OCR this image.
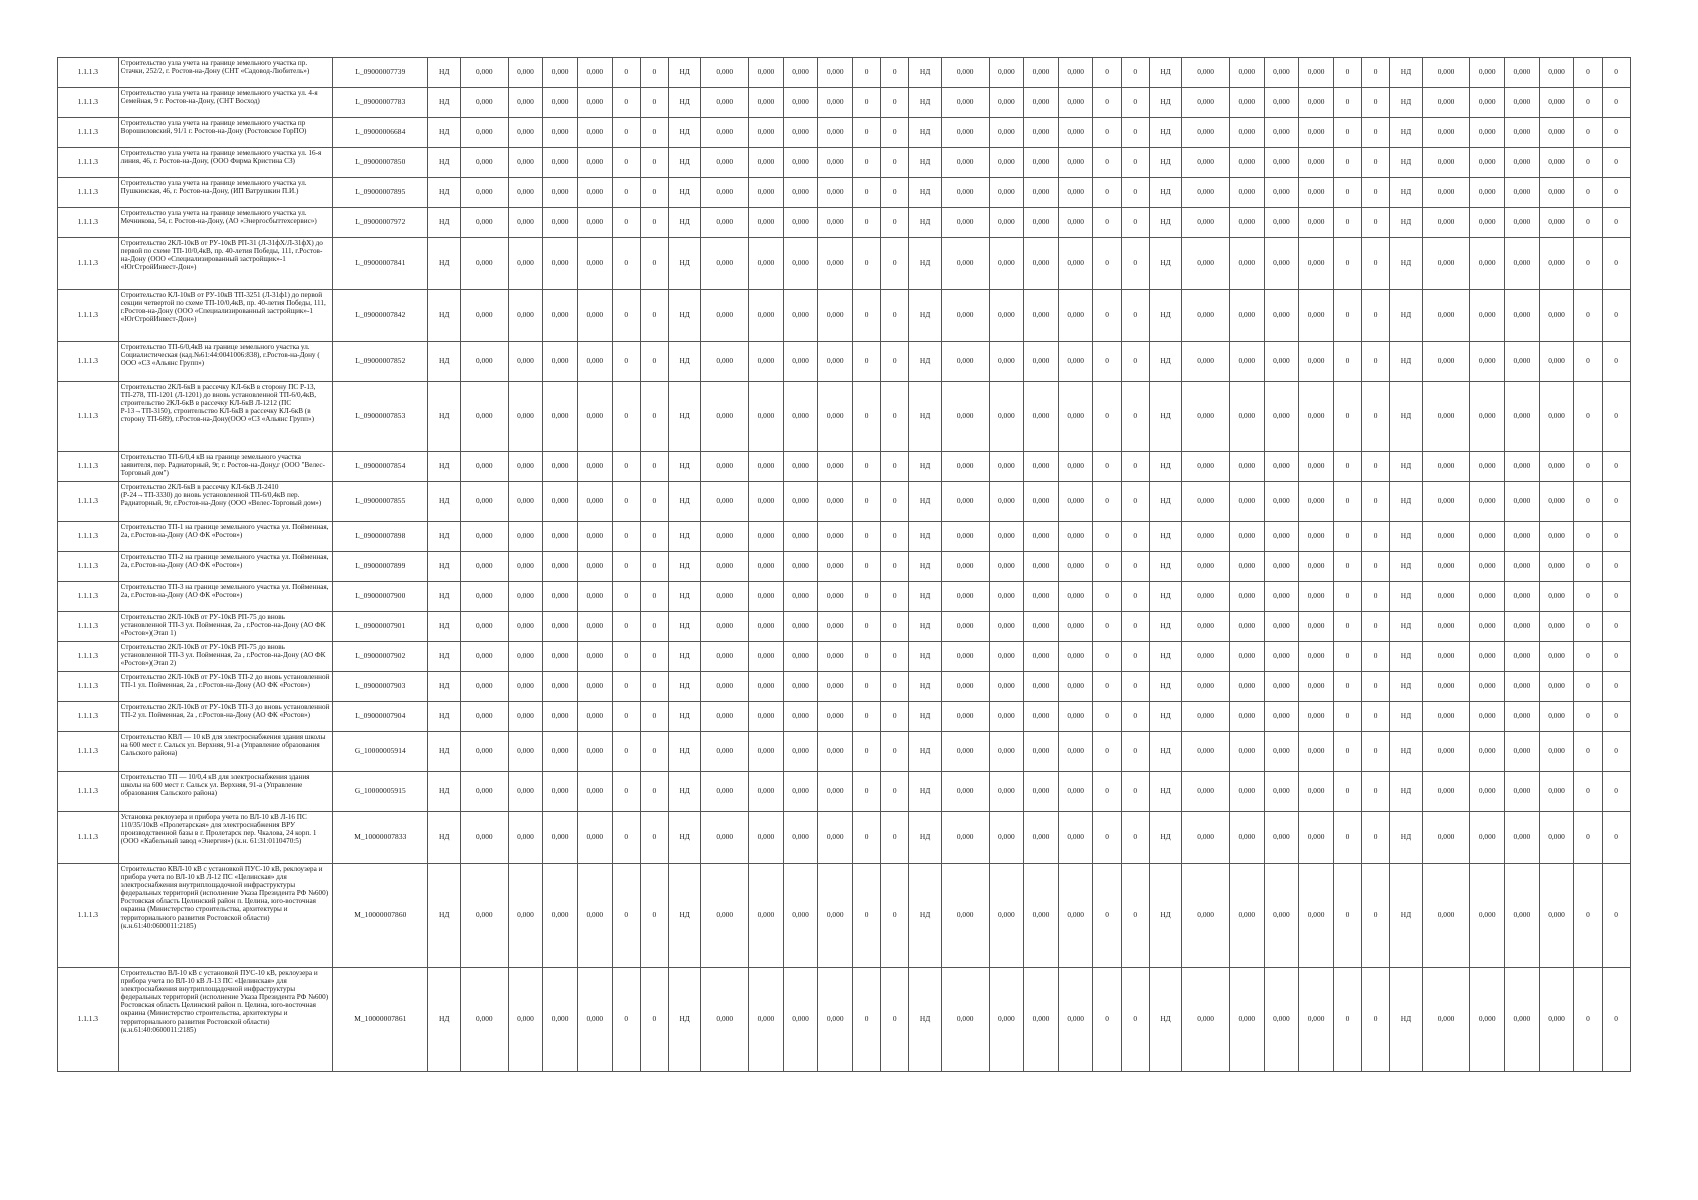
1.1.1.3	Строительство узла учета на границе земельного участка пр. Стачки, 252/2, г. Ростов-на-Дону (СНТ «Садовод-Любитель»)	L_09000007739	НД	0,000	0,000	0,000	0,000	0	0	НД	0,000	0,000	0,000	0,000	0	0	НД	0,000	0,000	0,000	0,000	0	0	НД	0,000	0,000	0,000	0,000	0	0	НД	0,000	0,000	0,000	0,000	0	0
1.1.1.3	Строительство узла учета на границе земельного участка ул. 4-я Семейная, 9 г. Ростов-на-Дону, (СНТ Восход)	L_09000007783	НД	0,000	0,000	0,000	0,000	0	0	НД	0,000	0,000	0,000	0,000	0	0	НД	0,000	0,000	0,000	0,000	0	0	НД	0,000	0,000	0,000	0,000	0	0	НД	0,000	0,000	0,000	0,000	0	0
1.1.1.3	Строительство узла учета на границе земельного участка пр Ворошиловский, 91/1 г. Ростов-на-Дону (Ростовское ГорПО)	L_09000006684	НД	0,000	0,000	0,000	0,000	0	0	НД	0,000	0,000	0,000	0,000	0	0	НД	0,000	0,000	0,000	0,000	0	0	НД	0,000	0,000	0,000	0,000	0	0	НД	0,000	0,000	0,000	0,000	0	0
1.1.1.3	Строительство узла учета на границе земельного участка ул. 16-я линия, 46, г. Ростов-на-Дону, (ООО Фирма Кристина СЗ)	L_09000007850	НД	0,000	0,000	0,000	0,000	0	0	НД	0,000	0,000	0,000	0,000	0	0	НД	0,000	0,000	0,000	0,000	0	0	НД	0,000	0,000	0,000	0,000	0	0	НД	0,000	0,000	0,000	0,000	0	0
1.1.1.3	Строительство узла учета на границе земельного участка ул. Пушкинская, 46, г. Ростов-на-Дону, (ИП Ватрушкин П.И.)	L_09000007895	НД	0,000	0,000	0,000	0,000	0	0	НД	0,000	0,000	0,000	0,000	0	0	НД	0,000	0,000	0,000	0,000	0	0	НД	0,000	0,000	0,000	0,000	0	0	НД	0,000	0,000	0,000	0,000	0	0
1.1.1.3	Строительство узла учета на границе земельного участка ул. Мечникова, 54, г. Ростов-на-Дону, (АО «Энергосбыттехсервис»)	L_09000007972	НД	0,000	0,000	0,000	0,000	0	0	НД	0,000	0,000	0,000	0,000	0	0	НД	0,000	0,000	0,000	0,000	0	0	НД	0,000	0,000	0,000	0,000	0	0	НД	0,000	0,000	0,000	0,000	0	0
1.1.1.3	Строительство 2КЛ-10кВ от РУ-10кВ РП-31 (Л-31фХ/Л-31фХ) до первой по схеме ТП-10/0,4кВ, пр. 40-летия Победы, 111, г.Ростов-на-Дону (ООО «Специализированный застройщик»-1 «ЮгСтройИнвест-Дон»)	L_09000007841	НД	0,000	0,000	0,000	0,000	0	0	НД	0,000	0,000	0,000	0,000	0	0	НД	0,000	0,000	0,000	0,000	0	0	НД	0,000	0,000	0,000	0,000	0	0	НД	0,000	0,000	0,000	0,000	0	0
1.1.1.3	Строительство КЛ-10кВ от РУ-10кВ ТП-3251 (Л-31ф1) до первой секции четвертой по схеме ТП-10/0,4кВ, пр. 40-летия Победы, 111, г.Ростов-на-Дону (ООО «Специализированный застройщик»-1 «ЮгСтройИнвест-Дон»)	L_09000007842	НД	0,000	0,000	0,000	0,000	0	0	НД	0,000	0,000	0,000	0,000	0	0	НД	0,000	0,000	0,000	0,000	0	0	НД	0,000	0,000	0,000	0,000	0	0	НД	0,000	0,000	0,000	0,000	0	0
1.1.1.3	Строительство ТП-6/0,4кВ на границе земельного участка ул. Социалистическая (кад.№61:44:0041006:838), г.Ростов-на-Дону ( ООО «СЗ «Альянс Групп»)	L_09000007852	НД	0,000	0,000	0,000	0,000	0	0	НД	0,000	0,000	0,000	0,000	0	0	НД	0,000	0,000	0,000	0,000	0	0	НД	0,000	0,000	0,000	0,000	0	0	НД	0,000	0,000	0,000	0,000	0	0
1.1.1.3	Строительство 2КЛ-6кВ в рассечку КЛ-6кВ в сторону ПС Р-13, ТП-278, ТП-1201 (Л-1201) до вновь установленной ТП-6/0,4кВ, строительство 2КЛ-6кВ в рассечку КЛ-6кВ Л-1212 (ПС Р-13→ТП-3150), строительство КЛ-6кВ в рассечку КЛ-6кВ (в сторону ТП-689), г.Ростов-на-Дону(ООО «СЗ «Альянс Групп»)	L_09000007853	НД	0,000	0,000	0,000	0,000	0	0	НД	0,000	0,000	0,000	0,000	0	0	НД	0,000	0,000	0,000	0,000	0	0	НД	0,000	0,000	0,000	0,000	0	0	НД	0,000	0,000	0,000	0,000	0	0
1.1.1.3	Строительство ТП-6/0,4 кВ на границе земельного участка заявителя, пер. Радиаторный, 9г, г. Ростов-на-Дону,г (ООО "Велес-Торговый дом")	L_09000007854	НД	0,000	0,000	0,000	0,000	0	0	НД	0,000	0,000	0,000	0,000	0	0	НД	0,000	0,000	0,000	0,000	0	0	НД	0,000	0,000	0,000	0,000	0	0	НД	0,000	0,000	0,000	0,000	0	0
1.1.1.3	Строительство 2КЛ-6кВ в рассечку КЛ-6кВ Л-2410 (Р-24→ТП-3330) до вновь установленной ТП-6/0,4кВ пер. Радиаторный, 9г, г.Ростов-на-Дону (ООО «Велес-Торговый дом»)	L_09000007855	НД	0,000	0,000	0,000	0,000	0	0	НД	0,000	0,000	0,000	0,000	0	0	НД	0,000	0,000	0,000	0,000	0	0	НД	0,000	0,000	0,000	0,000	0	0	НД	0,000	0,000	0,000	0,000	0	0
1.1.1.3	Строительство ТП-1 на границе земельного участка ул. Пойменная, 2а, г.Ростов-на-Дону (АО ФК «Ростов»)	L_09000007898	НД	0,000	0,000	0,000	0,000	0	0	НД	0,000	0,000	0,000	0,000	0	0	НД	0,000	0,000	0,000	0,000	0	0	НД	0,000	0,000	0,000	0,000	0	0	НД	0,000	0,000	0,000	0,000	0	0
1.1.1.3	Строительство ТП-2 на границе земельного участка ул. Пойменная, 2а, г.Ростов-на-Дону (АО ФК «Ростов»)	L_09000007899	НД	0,000	0,000	0,000	0,000	0	0	НД	0,000	0,000	0,000	0,000	0	0	НД	0,000	0,000	0,000	0,000	0	0	НД	0,000	0,000	0,000	0,000	0	0	НД	0,000	0,000	0,000	0,000	0	0
1.1.1.3	Строительство ТП-3 на границе земельного участка ул. Пойменная, 2а, г.Ростов-на-Дону (АО ФК «Ростов»)	L_09000007900	НД	0,000	0,000	0,000	0,000	0	0	НД	0,000	0,000	0,000	0,000	0	0	НД	0,000	0,000	0,000	0,000	0	0	НД	0,000	0,000	0,000	0,000	0	0	НД	0,000	0,000	0,000	0,000	0	0
1.1.1.3	Строительство 2КЛ-10кВ от РУ-10кВ РП-75 до вновь установленной ТП-3 ул. Пойменная, 2а , г.Ростов-на-Дону (АО ФК «Ростов»)(Этап 1)	L_09000007901	НД	0,000	0,000	0,000	0,000	0	0	НД	0,000	0,000	0,000	0,000	0	0	НД	0,000	0,000	0,000	0,000	0	0	НД	0,000	0,000	0,000	0,000	0	0	НД	0,000	0,000	0,000	0,000	0	0
1.1.1.3	Строительство 2КЛ-10кВ от РУ-10кВ РП-75 до вновь установленной ТП-3 ул. Пойменная, 2а , г.Ростов-на-Дону (АО ФК «Ростов»)(Этап 2)	L_09000007902	НД	0,000	0,000	0,000	0,000	0	0	НД	0,000	0,000	0,000	0,000	0	0	НД	0,000	0,000	0,000	0,000	0	0	НД	0,000	0,000	0,000	0,000	0	0	НД	0,000	0,000	0,000	0,000	0	0
1.1.1.3	Строительство 2КЛ-10кВ от РУ-10кВ ТП-2 до вновь установленной ТП-1 ул. Пойменная, 2а , г.Ростов-на-Дону (АО ФК «Ростов»)	L_09000007903	НД	0,000	0,000	0,000	0,000	0	0	НД	0,000	0,000	0,000	0,000	0	0	НД	0,000	0,000	0,000	0,000	0	0	НД	0,000	0,000	0,000	0,000	0	0	НД	0,000	0,000	0,000	0,000	0	0
1.1.1.3	Строительство 2КЛ-10кВ от РУ-10кВ ТП-3 до вновь установленной ТП-2 ул. Пойменная, 2а , г.Ростов-на-Дону (АО ФК «Ростов»)	L_09000007904	НД	0,000	0,000	0,000	0,000	0	0	НД	0,000	0,000	0,000	0,000	0	0	НД	0,000	0,000	0,000	0,000	0	0	НД	0,000	0,000	0,000	0,000	0	0	НД	0,000	0,000	0,000	0,000	0	0
1.1.1.3	Строительство КВЛ — 10 кВ для электроснабжения здания школы на 600 мест г. Сальск ул. Верхняя, 91-а (Управление образования Сальского района)	G_10000005914	НД	0,000	0,000	0,000	0,000	0	0	НД	0,000	0,000	0,000	0,000	0	0	НД	0,000	0,000	0,000	0,000	0	0	НД	0,000	0,000	0,000	0,000	0	0	НД	0,000	0,000	0,000	0,000	0	0
1.1.1.3	Строительство ТП — 10/0,4 кВ для электроснабжения здания школы на 600 мест г. Сальск ул. Верхняя, 91-а (Управление образования Сальского района)	G_10000005915	НД	0,000	0,000	0,000	0,000	0	0	НД	0,000	0,000	0,000	0,000	0	0	НД	0,000	0,000	0,000	0,000	0	0	НД	0,000	0,000	0,000	0,000	0	0	НД	0,000	0,000	0,000	0,000	0	0
1.1.1.3	Установка реклоузера и прибора учета по ВЛ-10 кВ Л-16 ПС 110/35/10кВ «Пролетарская» для электроснабжения ВРУ производственной базы в г. Пролетарск пер. Чкалова, 24 корп. 1 (ООО «Кабельный завод «Энергия») (к.н. 61:31:0110470:5)	M_10000007833	НД	0,000	0,000	0,000	0,000	0	0	НД	0,000	0,000	0,000	0,000	0	0	НД	0,000	0,000	0,000	0,000	0	0	НД	0,000	0,000	0,000	0,000	0	0	НД	0,000	0,000	0,000	0,000	0	0
1.1.1.3	Строительство КВЛ-10 кВ с установкой ПУС-10 кВ, реклоузера и прибора учета по ВЛ-10 кВ Л-12 ПС «Целинская» для электроснабжения внутриплощадочной инфраструктуры федеральных территорий (исполнение Указа Президента РФ №600) Ростовская область Целинский район п. Целина, юго-восточная окраина (Министерство строительства, архитектуры и территориального развития Ростовской области) (к.н.61:40:0600011:2185)	M_10000007860	НД	0,000	0,000	0,000	0,000	0	0	НД	0,000	0,000	0,000	0,000	0	0	НД	0,000	0,000	0,000	0,000	0	0	НД	0,000	0,000	0,000	0,000	0	0	НД	0,000	0,000	0,000	0,000	0	0
1.1.1.3	Строительство ВЛ-10 кВ с установкой ПУС-10 кВ, реклоузера и прибора учета по ВЛ-10 кВ Л-13 ПС «Целинская» для электроснабжения внутриплощадочной инфраструктуры федеральных территорий (исполнение Указа Президента РФ №600) Ростовская область Целинский район п. Целина, юго-восточная окраина (Министерство строительства, архитектуры и территориального развития Ростовской области) (к.н.61:40:0600011:2185)	M_10000007861	НД	0,000	0,000	0,000	0,000	0	0	НД	0,000	0,000	0,000	0,000	0	0	НД	0,000	0,000	0,000	0,000	0	0	НД	0,000	0,000	0,000	0,000	0	0	НД	0,000	0,000	0,000	0,000	0	0
